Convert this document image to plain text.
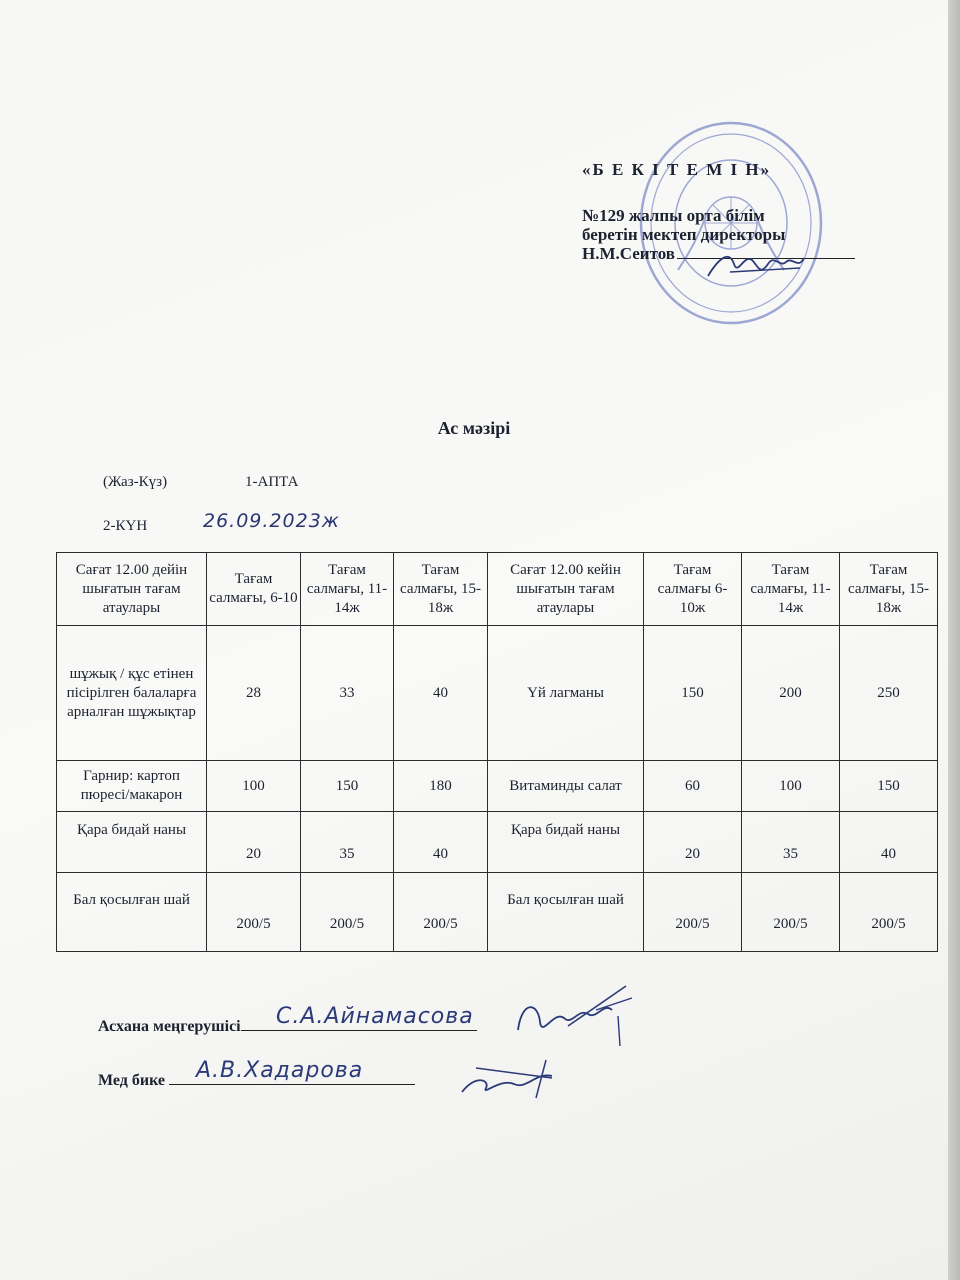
«Б Е К І Т Е М І Н»
№129 жалпы орта білім
беретін мектеп директоры
Н.М.Сеитов
Ас мәзірі
(Жаз-Күз)	1-АПТА
2-КҮН	26.09.2023ж
Сағат 12.00 дейін шығатын тағам атаулары	Тағам салмағы, 6-10	Тағам салмағы, 11-14ж	Тағам салмағы, 15-18ж	Сағат 12.00 кейін шығатын тағам атаулары	Тағам салмағы 6-10ж	Тағам салмағы, 11-14ж	Тағам салмағы, 15-18ж
шұжық / құс етінен пісірілген балаларға арналған шұжықтар	28	33	40	Үй лагманы	150	200	250
Гарнир: картоп пюресі/макарон	100	150	180	Витаминды салат	60	100	150
Қара бидай наны	20	35	40	Қара бидай наны	20	35	40
Бал қосылған шай	200/5	200/5	200/5	Бал қосылған шай	200/5	200/5	200/5
Асхана меңгерушісі	С.А.Айнамасова
Мед бике	А.В.Хадарова
